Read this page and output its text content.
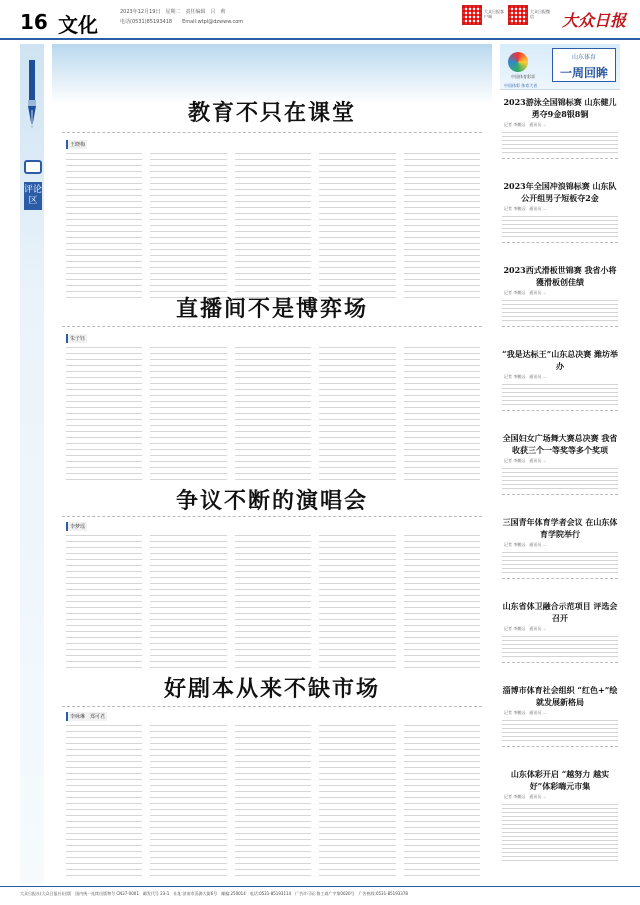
16 文化
2023年12月19日　星期二　责任编辑　吕　莉
电话(0531)85193418　　Email:wtpl@dzwww.com
大众日报客户端
大众日报微信	大众日报
评论区
教育不只在课堂
王晓梅
直播间不是博弈场
朱子钰
争议不断的演唱会
李梦瑶
好剧本从来不缺市场
李咏琳　郑可君
中国体育彩票
中国体彩 体育大省
山东体育
一周回眸
2023游泳全国锦标赛 山东健儿勇夺9金8银8铜
记者 李鹏远　通讯员 ...
2023年全国冲浪锦标赛 山东队公开组男子短板夺2金
记者 李鹏远　通讯员 ...
2023西式滑板世锦赛 我省小将獲滑板创佳绩
记者 李鹏远　通讯员 ...
“我是达标王”山东总决赛 潍坊举办
记者 李鹏远　通讯员 ...
全国妇女广场舞大赛总决赛 我省收获三个一等奖等多个奖项
记者 李鹏远　通讯员 ...
三国青年体育学者会议 在山东体育学院举行
记者 李鹏远　通讯员 ...
山东省体卫融合示范项目 评选会召开
记者 李鹏远　通讯员 ...
淄博市体育社会组织 “红色+”绘就发展新格局
记者 李鹏远　通讯员 ...
山东体彩开启 “越努力 越实好”体彩嗨元市集
记者 李鹏远　通讯员 ...
大众日报社(大众日报社)出版　国内统一连续出版物号 CN37-0001　邮发代号 23-1　社址:济南市泺源大街6号　邮编:250014　电话:0531-85193114　广告许可证:鲁工商广字第0020号　广告热线:0531-85193378
